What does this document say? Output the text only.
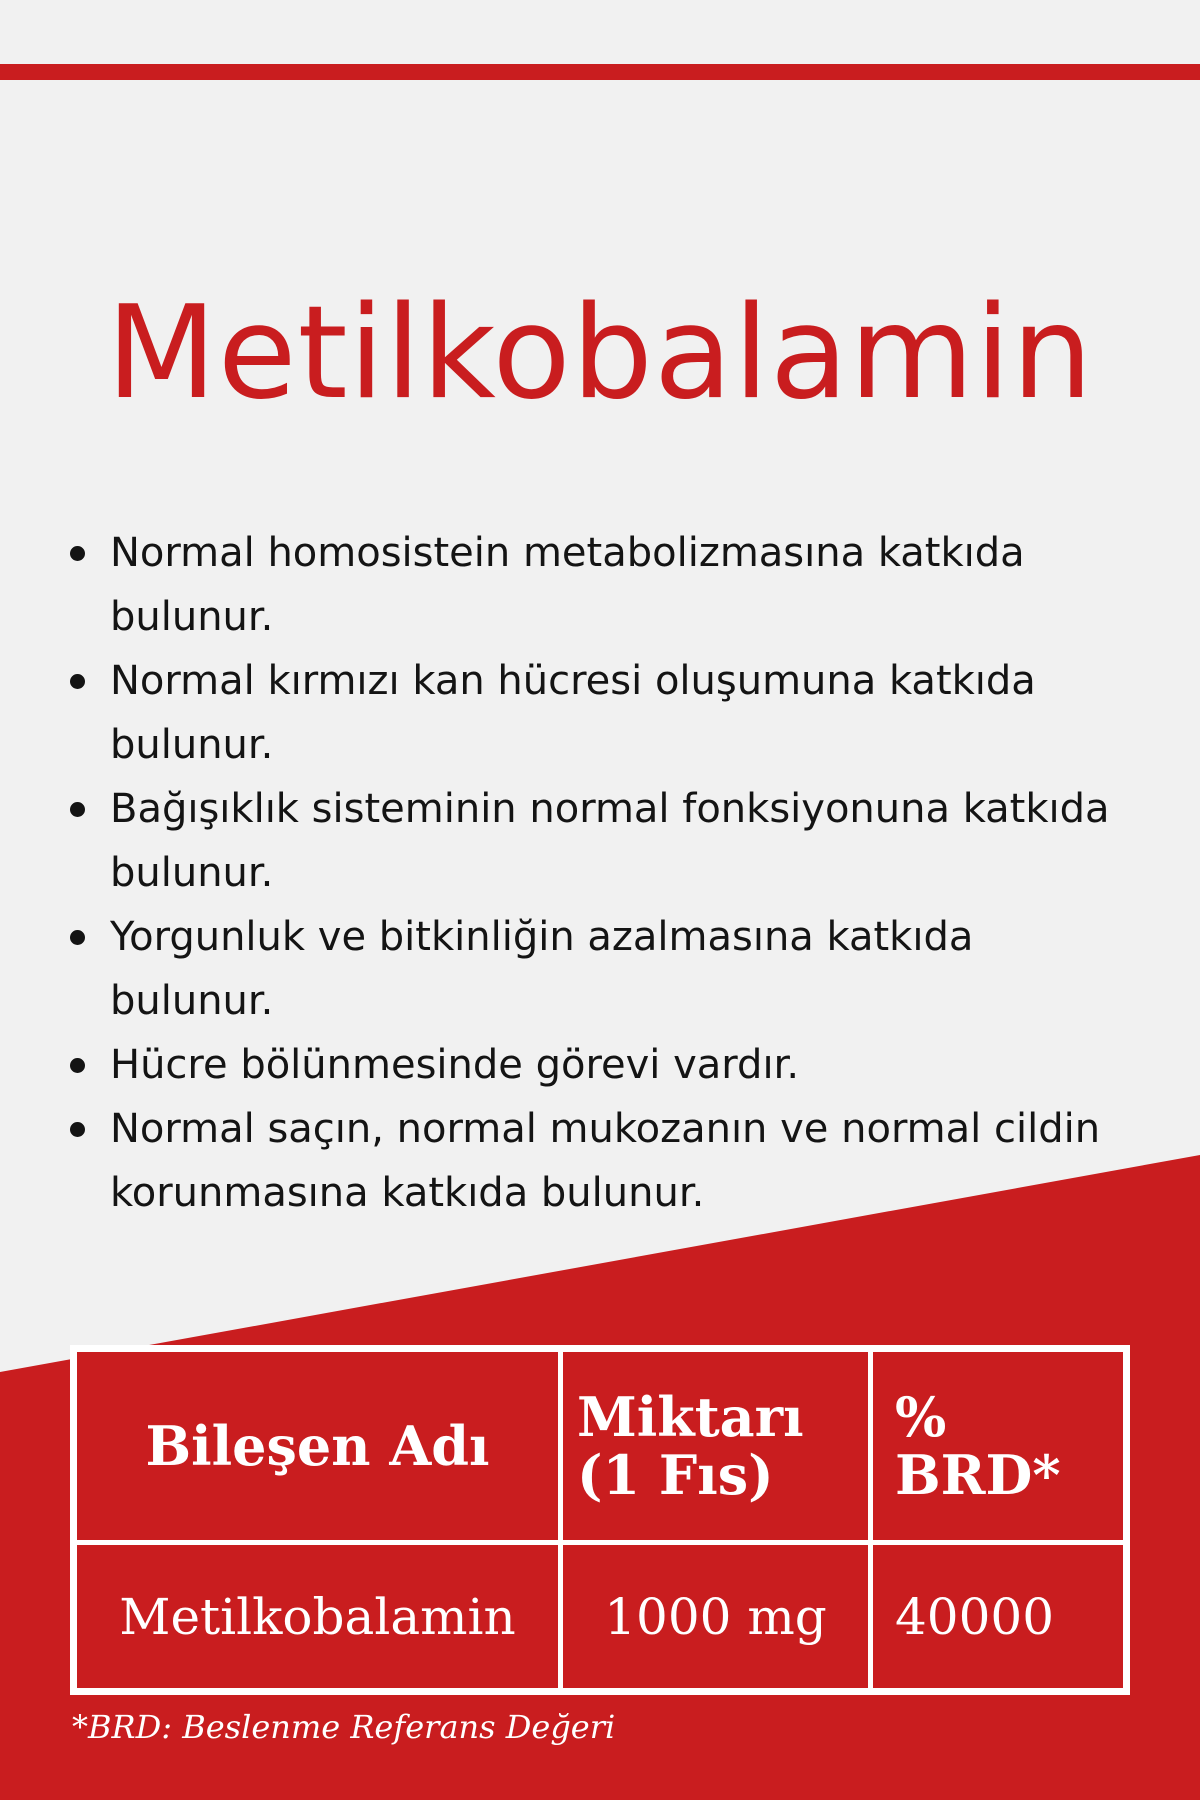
Metilkobalamin
Normal homosistein metabolizmasına katkıda
bulunur.
Normal kırmızı kan hücresi oluşumuna katkıda
bulunur.
Bağışıklık sisteminin normal fonksiyonuna katkıda
bulunur.
Yorgunluk ve bitkinliğin azalmasına katkıda
bulunur.
Hücre bölünmesinde görevi vardır.
Normal saçın, normal mukozanın ve normal cildin
korunmasına katkıda bulunur.
Bileşen Adı Miktarı
(1 Fıs)
%
BRD*
Metilkobalamin 1000 mg 40000
*BRD: Beslenme Referans Değeri
